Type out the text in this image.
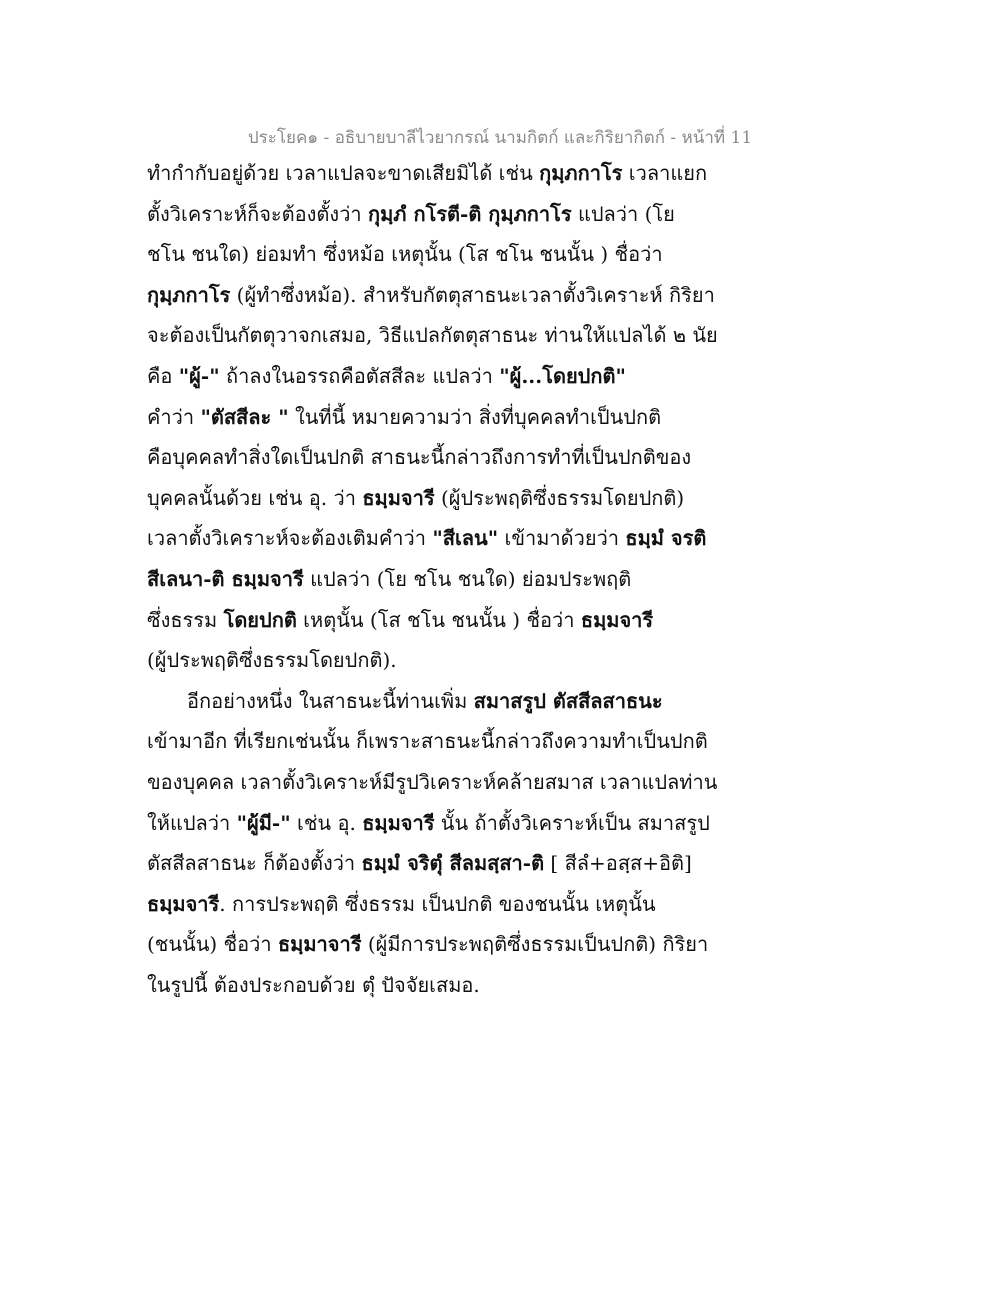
ประโยค๑ - อธิบายบาลีไวยากรณ์ นามกิตก์ และกิริยากิตก์ - หน้าที่ 11
ทำกำกับอยู่ด้วย เวลาแปลจะขาดเสียมิได้ เช่น กุมฺภกาโร เวลาแยก
ตั้งวิเคราะห์ก็จะต้องตั้งว่า กุมฺภํ กโรตี-ติ กุมฺภกาโร แปลว่า (โย
ชโน ชนใด) ย่อมทำ ซึ่งหม้อ เหตุนั้น (โส ชโน ชนนั้น ) ชื่อว่า
กุมฺภกาโร (ผู้ทำซึ่งหม้อ). สำหรับกัตตุสาธนะเวลาตั้งวิเคราะห์ กิริยา
จะต้องเป็นกัตตุวาจกเสมอ, วิธีแปลกัตตุสาธนะ ท่านให้แปลได้ ๒ นัย
คือ "ผู้-" ถ้าลงในอรรถคือตัสสีละ แปลว่า "ผู้...โดยปกติ"
คำว่า "ตัสสีละ " ในที่นี้ หมายความว่า สิ่งที่บุคคลทำเป็นปกติ
คือบุคคลทำสิ่งใดเป็นปกติ สาธนะนี้กล่าวถึงการทำที่เป็นปกติของ
บุคคลนั้นด้วย เช่น อุ. ว่า ธมฺมจารี (ผู้ประพฤติซึ่งธรรมโดยปกติ)
เวลาตั้งวิเคราะห์จะต้องเติมคำว่า "สีเลน" เข้ามาด้วยว่า ธมฺมํ จรติ
สีเลนา-ติ ธมฺมจารี แปลว่า (โย ชโน ชนใด) ย่อมประพฤติ
ซึ่งธรรม โดยปกติ เหตุนั้น (โส ชโน ชนนั้น ) ชื่อว่า ธมฺมจารี
(ผู้ประพฤติซึ่งธรรมโดยปกติ).
อีกอย่างหนึ่ง ในสาธนะนี้ท่านเพิ่ม สมาสรูป ตัสสีลสาธนะ
เข้ามาอีก ที่เรียกเช่นนั้น ก็เพราะสาธนะนี้กล่าวถึงความทำเป็นปกติ
ของบุคคล เวลาตั้งวิเคราะห์มีรูปวิเคราะห์คล้ายสมาส เวลาแปลท่าน
ให้แปลว่า "ผู้มี-" เช่น อุ. ธมฺมจารี นั้น ถ้าตั้งวิเคราะห์เป็น สมาสรูป
ตัสสีลสาธนะ ก็ต้องตั้งว่า ธมฺมํ จริตุํ สีลมสฺสา-ติ [ สีลํ+อสฺส+อิติ]
ธมฺมจารี. การประพฤติ ซึ่งธรรม เป็นปกติ ของชนนั้น เหตุนั้น
(ชนนั้น) ชื่อว่า ธมฺมาจารี (ผู้มีการประพฤติซึ่งธรรมเป็นปกติ) กิริยา
ในรูปนี้ ต้องประกอบด้วย ตุํ ปัจจัยเสมอ.
